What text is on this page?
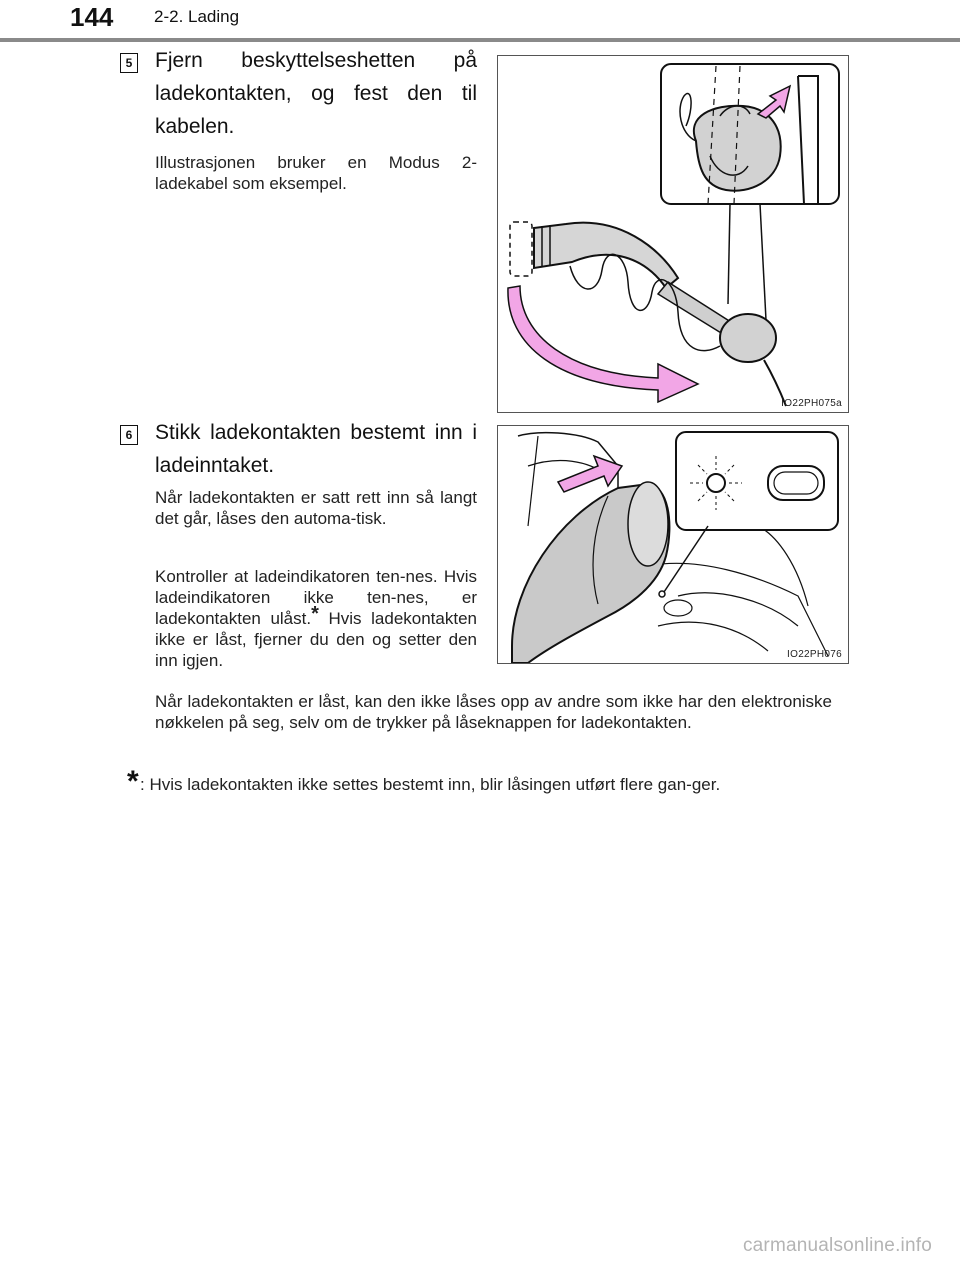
144 2-2. Lading
5 Fjern beskyttelseshetten på ladekontakten, og fest den til kabelen.
Illustrasjonen bruker en Modus 2-ladekabel som eksempel.
IO22PH075a
6 Stikk ladekontakten bestemt inn i ladeinntaket.
Når ladekontakten er satt rett inn så langt det går, låses den automa-tisk.
Kontroller at ladeindikatoren ten-nes. Hvis ladeindikatoren ikke ten-nes, er ladekontakten ulåst.* Hvis ladekontakten ikke er låst, fjerner du den og setter den inn igjen.
Når ladekontakten er låst, kan den ikke låses opp av andre som ikke har den elektroniske nøkkelen på seg, selv om de trykker på låseknappen for ladekontakten.
IO22PH076
* : Hvis ladekontakten ikke settes bestemt inn, blir låsingen utført flere gan-ger.
carmanualsonline.info
